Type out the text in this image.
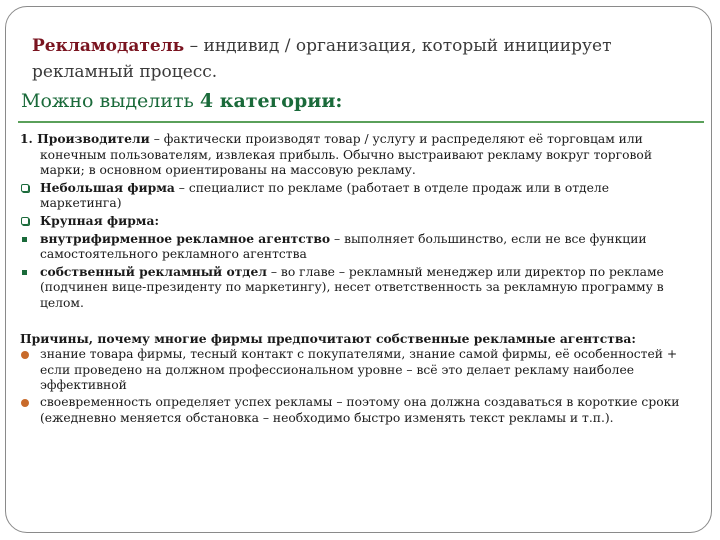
Рекламодатель – индивид / организация, который инициирует рекламный процесс.
Можно выделить 4 категории:

1. Производители – фактически производят товар / услугу и распределяют её торговцам или конечным пользователям, извлекая прибыль. Обычно выстраивают рекламу вокруг торговой марки; в основном ориентированы на массовую рекламу.

Небольшая фирма – специалист по рекламе (работает в отделе продаж или в отделе маркетинга)
Крупная фирма:
внутрифирменное рекламное агентство – выполняет большинство, если не все функции самостоятельного рекламного агентства
собственный рекламный отдел – во главе – рекламный менеджер или директор по рекламе (подчинен вице-президенту по маркетингу), несет ответственность за рекламную программу в целом.

Причины, почему многие фирмы предпочитают собственные рекламные агентства:

знание товара фирмы, тесный контакт с покупателями, знание самой фирмы, её особенностей + если проведено на должном профессиональном уровне – всё это делает рекламу наиболее эффективной
своевременность определяет успех рекламы – поэтому она должна создаваться в короткие сроки (ежедневно меняется обстановка – необходимо быстро изменять текст рекламы и т.п.).
